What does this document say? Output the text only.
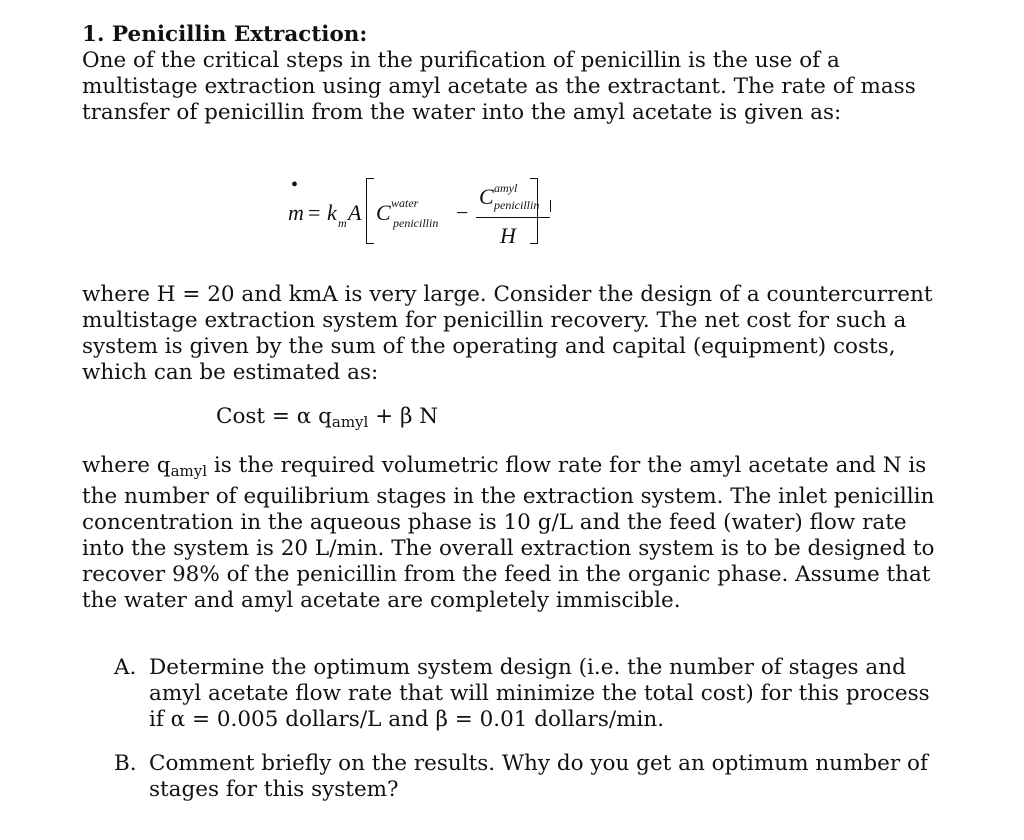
1. Penicillin Extraction:

One of the critical steps in the purification of penicillin is the use of a multistage extraction using amyl acetate as the extractant. The rate of mass transfer of penicillin from the water into the amyl acetate is given as:

•
m = k m A C water
penicillin −
C amyl
penicillin
H

where H = 20 and kmA is very large. Consider the design of a countercurrent multistage extraction system for penicillin recovery. The net cost for such a system is given by the sum of the operating and capital (equipment) costs, which can be estimated as:

Cost = α $q_{amyl} + \beta$ N

where $q_{amyl}$ is the required volumetric flow rate for the amyl acetate and N is the number of equilibrium stages in the extraction system. The inlet penicillin concentration in the aqueous phase is 10 g/L and the feed (water) flow rate into the system is 20 L/min. The overall extraction system is to be designed to recover 98% of the penicillin from the feed in the organic phase. Assume that the water and amyl acetate are completely immiscible.

A. Determine the optimum system design (i.e. the number of stages and amyl acetate flow rate that will minimize the total cost) for this process if α = 0.005 dollars/L and β = 0.01 dollars/min.
B. Comment briefly on the results. Why do you get an optimum number of stages for this system?
